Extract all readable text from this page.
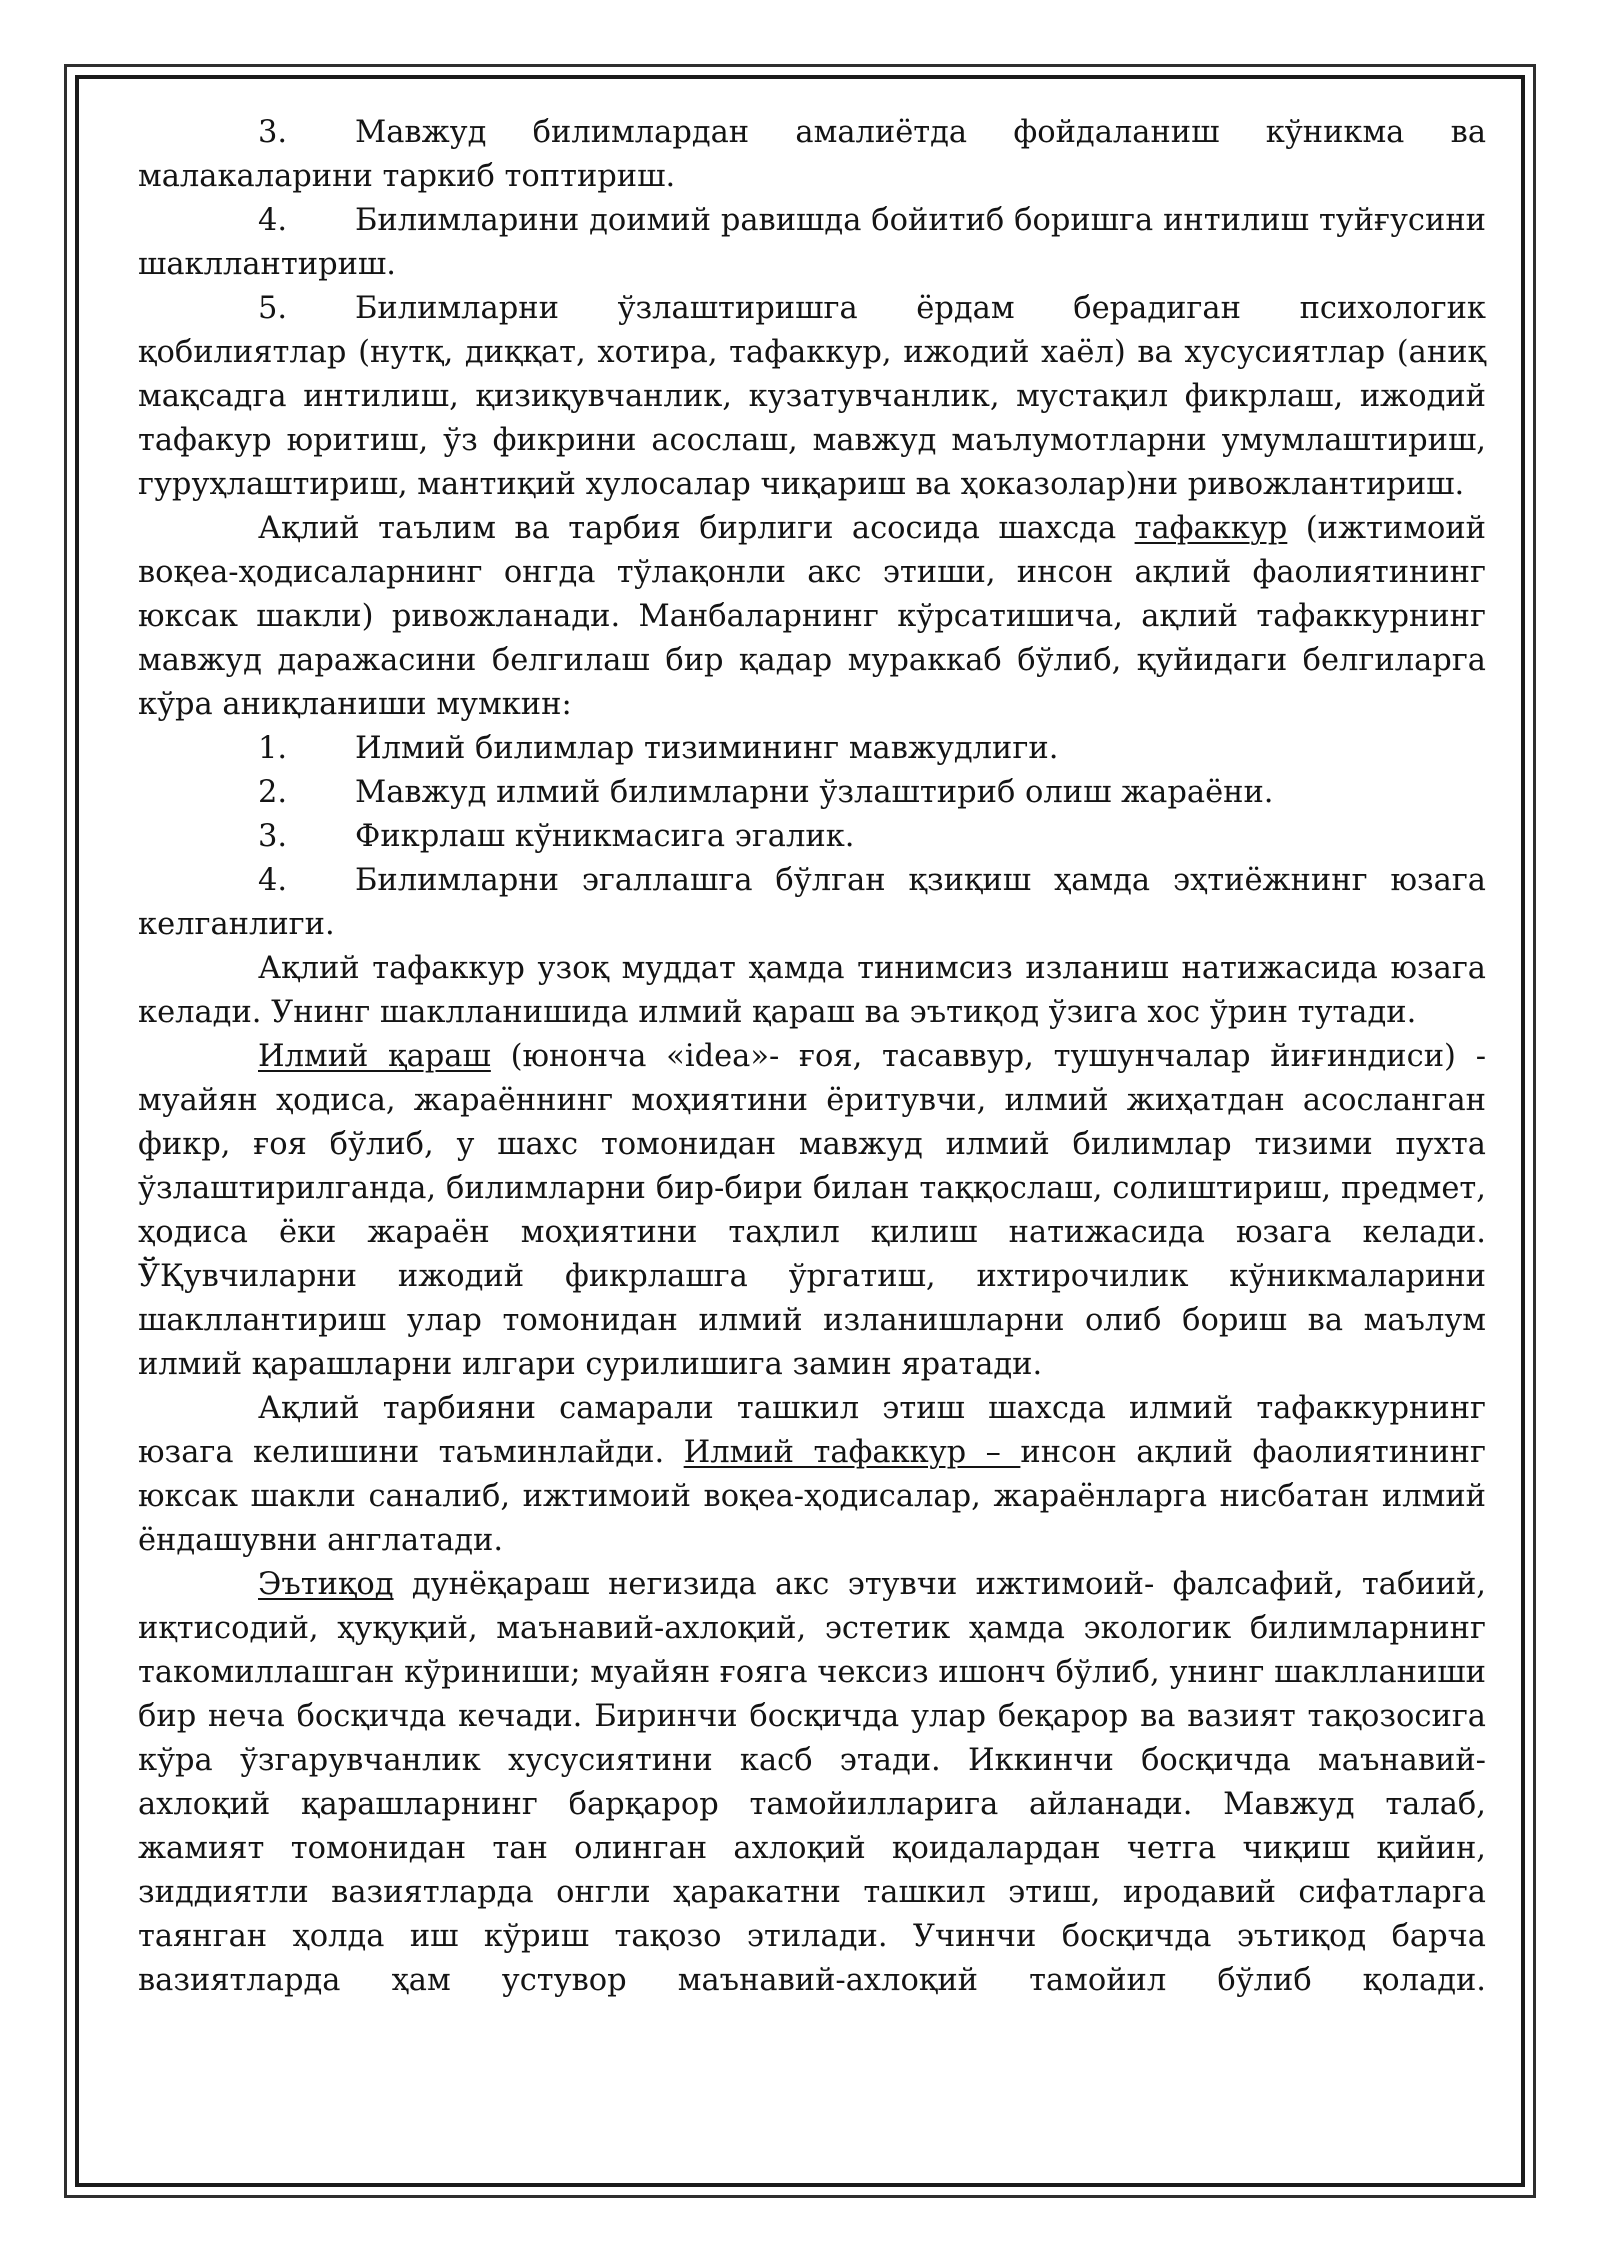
3. Мавжуд билимлардан амалиётда фойдаланиш кўникма ва малакаларини таркиб топтириш.

4. Билимларини доимий равишда бойитиб боришга интилиш туйғусини шакллантириш.

5. Билимларни ўзлаштиришга ёрдам берадиган психологик қобилиятлар (нутқ, диққат, хотира, тафаккур, ижодий хаёл) ва хусусиятлар (аниқ мақсадга интилиш, қизиқувчанлик, кузатувчанлик, мустақил фикрлаш, ижодий тафакур юритиш, ўз фикрини асослаш, мавжуд маълумотларни умумлаштириш, гуруҳлаштириш, мантиқий хулосалар чиқариш ва ҳоказолар)ни ривожлантириш.

Ақлий таълим ва тарбия бирлиги асосида шахсда тафаккур (ижтимоий воқеа-ҳодисаларнинг онгда тўлақонли акс этиши, инсон ақлий фаолиятининг юксак шакли) ривожланади. Манбаларнинг кўрсатишича, ақлий тафаккурнинг мавжуд даражасини белгилаш бир қадар мураккаб бўлиб, қуйидаги белгиларга кўра аниқланиши мумкин:

1. Илмий билимлар тизимининг мавжудлиги.

2. Мавжуд илмий билимларни ўзлаштириб олиш жараёни.

3. Фикрлаш кўникмасига эгалик.

4. Билимларни эгаллашга бўлган қзиқиш ҳамда эҳтиёжнинг юзага келганлиги.

Ақлий тафаккур узоқ муддат ҳамда тинимсиз изланиш натижасида юзага келади. Унинг шаклланишида илмий қараш ва эътиқод ўзига хос ўрин тутади.

Илмий қараш (юнонча «idea»- ғоя, тасаввур, тушунчалар йиғиндиси) - муайян ҳодиса, жараённинг моҳиятини ёритувчи, илмий жиҳатдан асосланган фикр, ғоя бўлиб, у шахс томонидан мавжуд илмий билимлар тизими пухта ўзлаштирилганда, билимларни бир-бири билан таққослаш, солиштириш, предмет, ҳодиса ёки жараён моҳиятини таҳлил қилиш натижасида юзага келади. ЎҚувчиларни ижодий фикрлашга ўргатиш, ихтирочилик кўникмаларини шакллантириш улар томонидан илмий изланишларни олиб бориш ва маълум илмий қарашларни илгари сурилишига замин яратади.

Ақлий тарбияни самарали ташкил этиш шахсда илмий тафаккурнинг юзага келишини таъминлайди. Илмий тафаккур – инсон ақлий фаолиятининг юксак шакли саналиб, ижтимоий воқеа-ҳодисалар, жараёнларга нисбатан илмий ёндашувни англатади.

Эътиқод дунёқараш негизида акс этувчи ижтимоий- фалсафий, табиий, иқтисодий, ҳуқуқий, маънавий-ахлоқий, эстетик ҳамда экологик билимларнинг такомиллашган кўриниши; муайян ғояга чексиз ишонч бўлиб, унинг шаклланиши бир неча босқичда кечади. Биринчи босқичда улар беқарор ва вазият тақозосига кўра ўзгарувчанлик хусусиятини касб этади. Иккинчи босқичда маънавий-ахлоқий қарашларнинг барқарор тамойилларига айланади. Мавжуд талаб, жамият томонидан тан олинган ахлоқий қоидалардан четга чиқиш қийин, зиддиятли вазиятларда онгли ҳаракатни ташкил этиш, иродавий сифатларга таянган ҳолда иш кўриш тақозо этилади. Учинчи босқичда эътиқод барча вазиятларда ҳам устувор маънавий-ахлоқий тамойил бўлиб қолади.
